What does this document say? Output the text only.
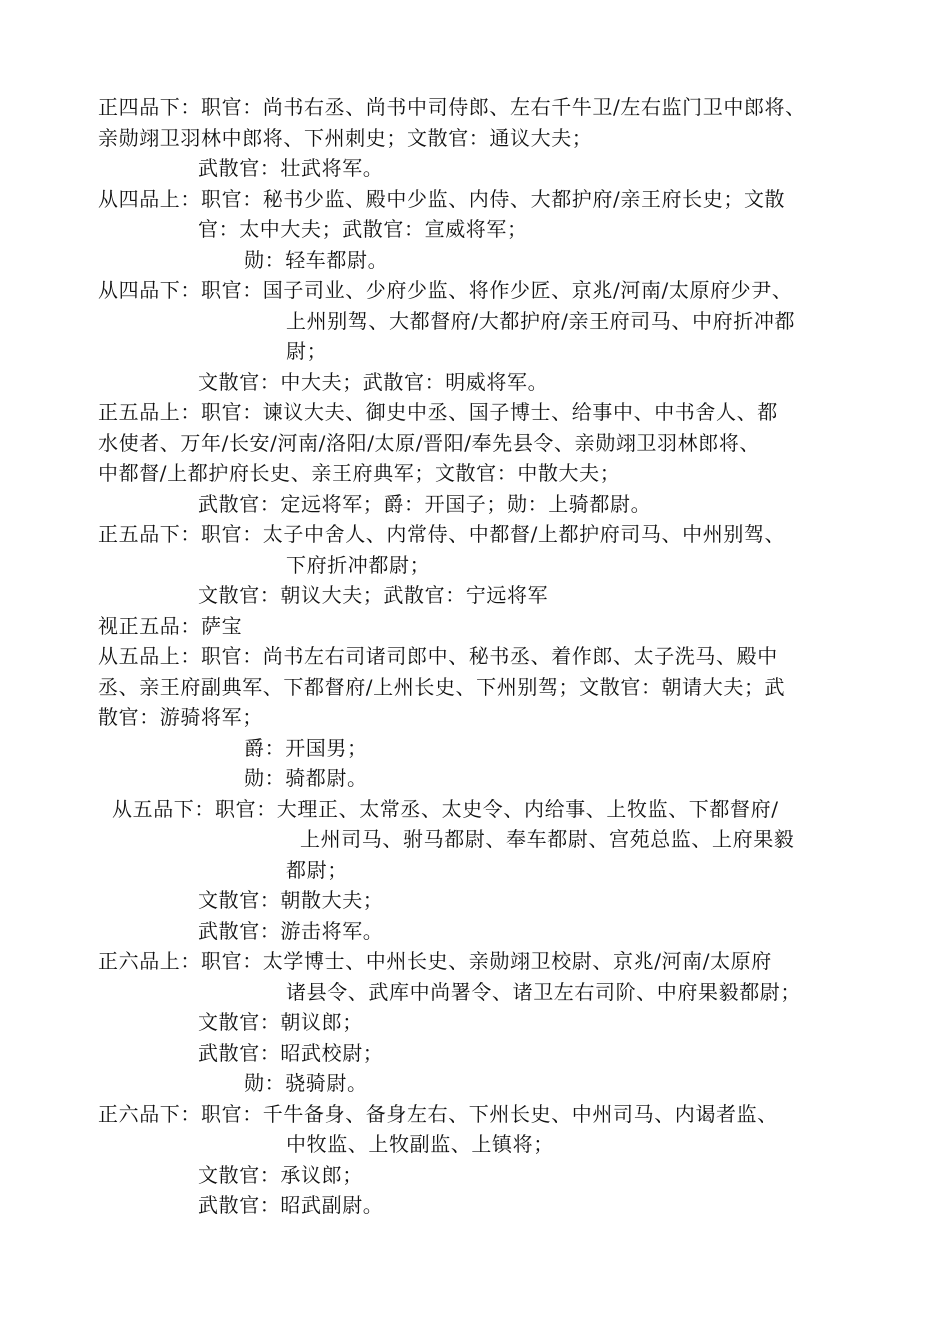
正四品下：职官：尚书右丞、尚书中司侍郎、左右千牛卫/左右监门卫中郎将、
亲勋翊卫羽林中郎将、下州刺史；文散官：通议大夫；
武散官：壮武将军。
从四品上：职官：秘书少监、殿中少监、内侍、大都护府/亲王府长史；文散
官：太中大夫；武散官：宣威将军；
勋：轻车都尉。
从四品下：职官：国子司业、少府少监、将作少匠、京兆/河南/太原府少尹、
上州别驾、大都督府/大都护府/亲王府司马、中府折冲都
尉；
文散官：中大夫；武散官：明威将军。
正五品上：职官：谏议大夫、御史中丞、国子博士、给事中、中书舍人、都
水使者、万年/长安/河南/洛阳/太原/晋阳/奉先县令、亲勋翊卫羽林郎将、
中都督/上都护府长史、亲王府典军；文散官：中散大夫；
武散官：定远将军；爵：开国子；勋：上骑都尉。
正五品下：职官：太子中舍人、内常侍、中都督/上都护府司马、中州别驾、
下府折冲都尉；
文散官：朝议大夫；武散官：宁远将军
视正五品：萨宝
从五品上：职官：尚书左右司诸司郎中、秘书丞、着作郎、太子洗马、殿中
丞、亲王府副典军、下都督府/上州长史、下州别驾；文散官：朝请大夫；武
散官：游骑将军；
爵：开国男；
勋：骑都尉。
从五品下：职官：大理正、太常丞、太史令、内给事、上牧监、下都督府/
上州司马、驸马都尉、奉车都尉、宫苑总监、上府果毅
都尉；
文散官：朝散大夫；
武散官：游击将军。
正六品上：职官：太学博士、中州长史、亲勋翊卫校尉、京兆/河南/太原府
诸县令、武库中尚署令、诸卫左右司阶、中府果毅都尉；
文散官：朝议郎；
武散官：昭武校尉；
勋：骁骑尉。
正六品下：职官：千牛备身、备身左右、下州长史、中州司马、内谒者监、
中牧监、上牧副监、上镇将；
文散官：承议郎；
武散官：昭武副尉。
